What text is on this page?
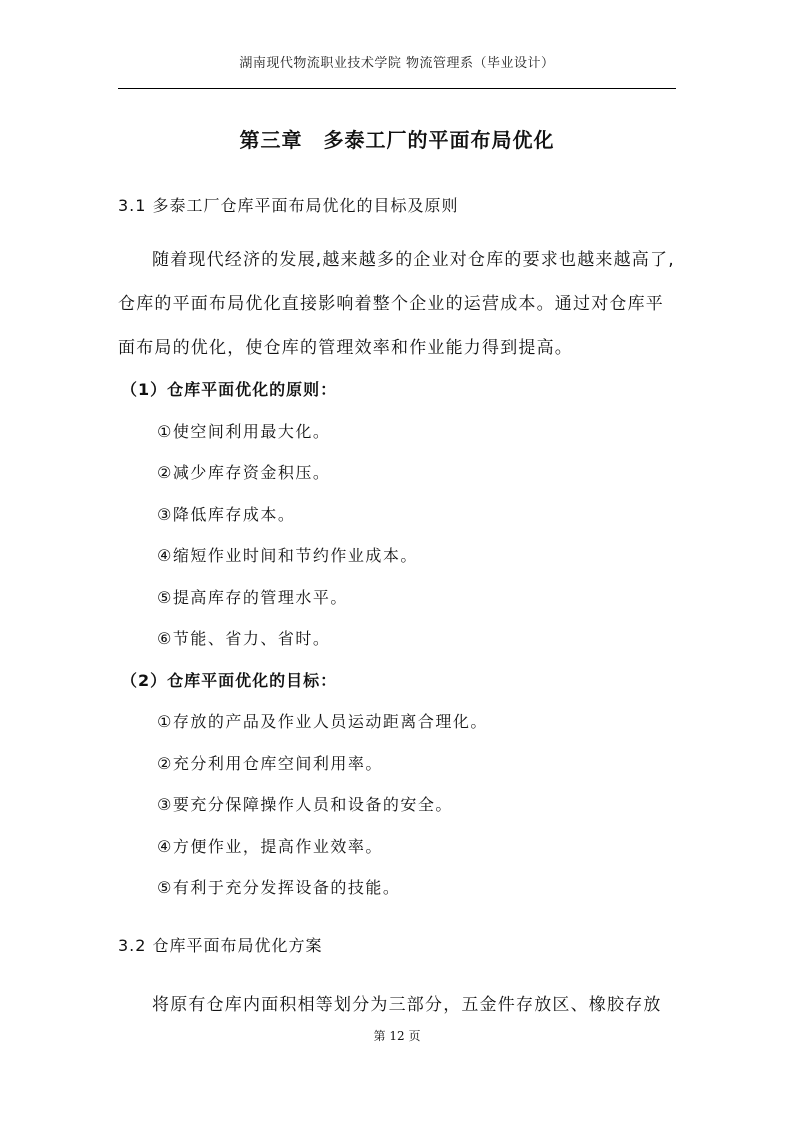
湖南现代物流职业技术学院 物流管理系（毕业设计）
第三章　多泰工厂的平面布局优化
3.1 多泰工厂仓库平面布局优化的目标及原则
随着现代经济的发展,越来越多的企业对仓库的要求也越来越高了,仓库的平面布局优化直接影响着整个企业的运营成本。通过对仓库平面布局的优化，使仓库的管理效率和作业能力得到提高。
（1）仓库平面优化的原则：
①使空间利用最大化。
②减少库存资金积压。
③降低库存成本。
④缩短作业时间和节约作业成本。
⑤提高库存的管理水平。
⑥节能、省力、省时。
（2）仓库平面优化的目标：
①存放的产品及作业人员运动距离合理化。
②充分利用仓库空间利用率。
③要充分保障操作人员和设备的安全。
④方便作业，提高作业效率。
⑤有利于充分发挥设备的技能。
3.2 仓库平面布局优化方案
将原有仓库内面积相等划分为三部分，五金件存放区、橡胶存放
第 12 页
